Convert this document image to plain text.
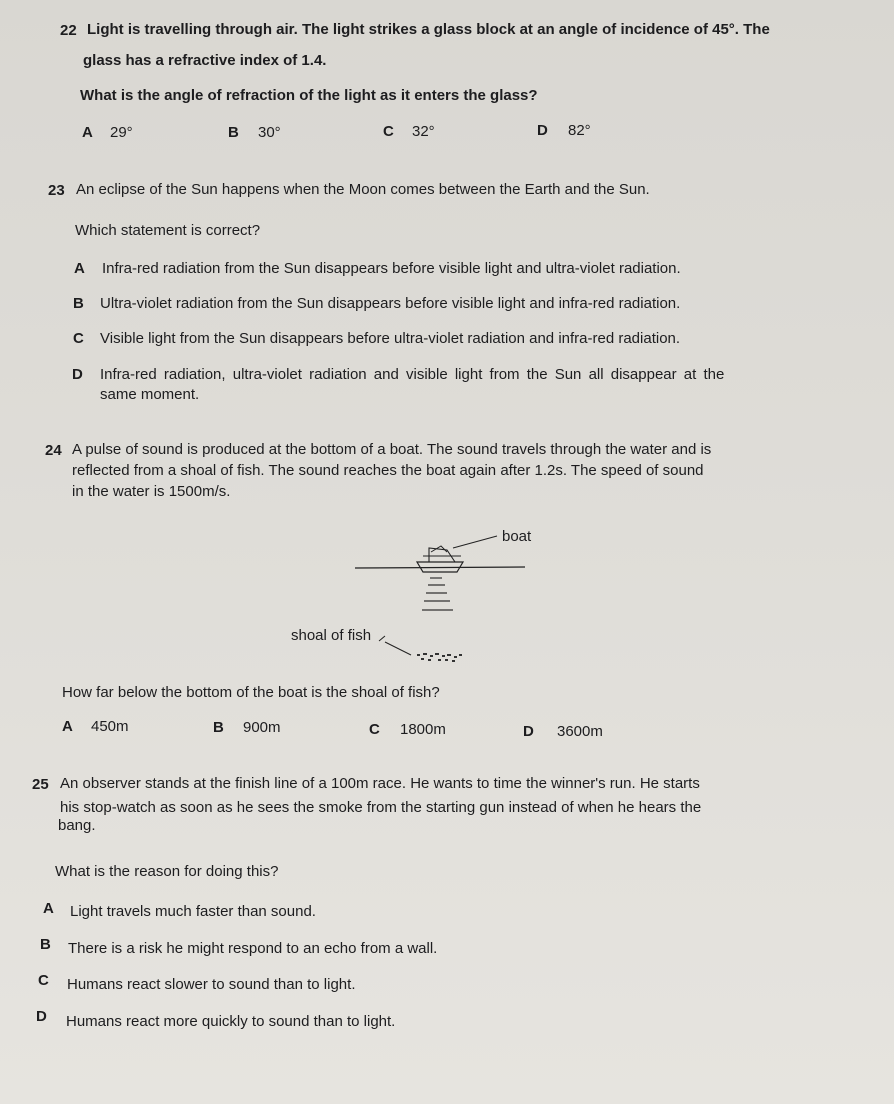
22 Light is travelling through air. The light strikes a glass block at an angle of incidence of 45°. The
glass has a refractive index of 1.4.
What is the angle of refraction of the light as it enters the glass?
A 29°	B 30°	C 32°	D 82°
23 An eclipse of the Sun happens when the Moon comes between the Earth and the Sun.
Which statement is correct?
A Infra-red radiation from the Sun disappears before visible light and ultra-violet radiation.
B Ultra-violet radiation from the Sun disappears before visible light and infra-red radiation.
C Visible light from the Sun disappears before ultra-violet radiation and infra-red radiation.
D Infra-red radiation, ultra-violet radiation and visible light from the Sun all disappear at the
same moment.
24 A pulse of sound is produced at the bottom of a boat. The sound travels through the water and is
reflected from a shoal of fish. The sound reaches the boat again after 1.2s. The speed of sound
in the water is 1500m/s.
boat
shoal of fish
How far below the bottom of the boat is the shoal of fish?
A 450m	B 900m	C 1800m	D 3600m
25 An observer stands at the finish line of a 100m race. He wants to time the winner's run. He starts
his stop-watch as soon as he sees the smoke from the starting gun instead of when he hears the
bang.
What is the reason for doing this?
A Light travels much faster than sound.
B There is a risk he might respond to an echo from a wall.
C Humans react slower to sound than to light.
D Humans react more quickly to sound than to light.
